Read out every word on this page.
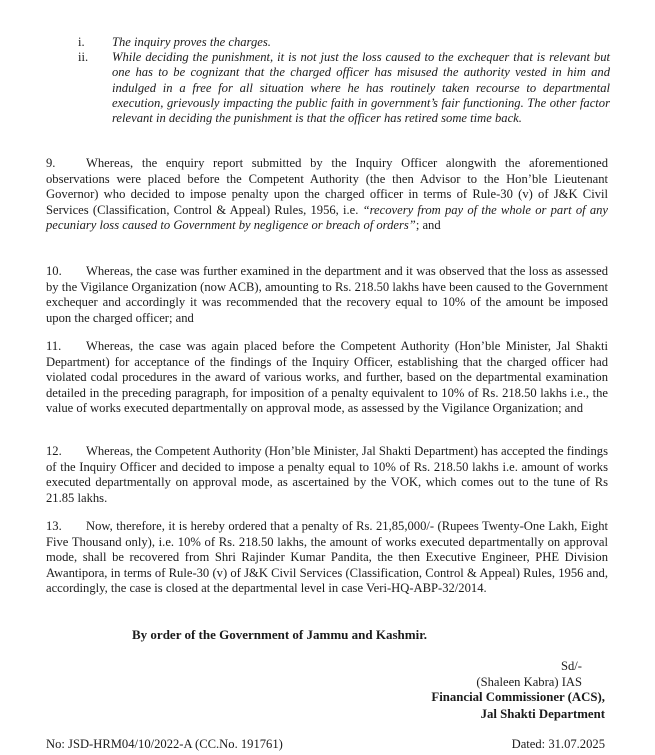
i.	The inquiry proves the charges.
ii.	While deciding the punishment, it is not just the loss caused to the exchequer that is relevant but one has to be cognizant that the charged officer has misused the authority vested in him and indulged in a free for all situation where he has routinely taken recourse to departmental execution, grievously impacting the public faith in government’s fair functioning. The other factor relevant in deciding the punishment is that the officer has retired some time back.
9. Whereas, the enquiry report submitted by the Inquiry Officer alongwith the aforementioned observations were placed before the Competent Authority (the then Advisor to the Hon’ble Lieutenant Governor) who decided to impose penalty upon the charged officer in terms of Rule-30 (v) of J&K Civil Services (Classification, Control & Appeal) Rules, 1956, i.e. “recovery from pay of the whole or part of any pecuniary loss caused to Government by negligence or breach of orders”; and
10. Whereas, the case was further examined in the department and it was observed that the loss as assessed by the Vigilance Organization (now ACB), amounting to Rs. 218.50 lakhs have been caused to the Government exchequer and accordingly it was recommended that the recovery equal to 10% of the amount be imposed upon the charged officer; and
11. Whereas, the case was again placed before the Competent Authority (Hon’ble Minister, Jal Shakti Department) for acceptance of the findings of the Inquiry Officer, establishing that the charged officer had violated codal procedures in the award of various works, and further, based on the departmental examination detailed in the preceding paragraph, for imposition of a penalty equivalent to 10% of Rs. 218.50 lakhs i.e., the value of works executed departmentally on approval mode, as assessed by the Vigilance Organization; and
12. Whereas, the Competent Authority (Hon’ble Minister, Jal Shakti Department) has accepted the findings of the Inquiry Officer and decided to impose a penalty equal to 10% of Rs. 218.50 lakhs i.e. amount of works executed departmentally on approval mode, as ascertained by the VOK, which comes out to the tune of Rs 21.85 lakhs.
13. Now, therefore, it is hereby ordered that a penalty of Rs. 21,85,000/- (Rupees Twenty-One Lakh, Eight Five Thousand only), i.e. 10% of Rs. 218.50 lakhs, the amount of works executed departmentally on approval mode, shall be recovered from Shri Rajinder Kumar Pandita, the then Executive Engineer, PHE Division Awantipora, in terms of Rule-30 (v) of J&K Civil Services (Classification, Control & Appeal) Rules, 1956 and, accordingly, the case is closed at the departmental level in case Veri-HQ-ABP-32/2014.
By order of the Government of Jammu and Kashmir.
Sd/-
(Shaleen Kabra) IAS
Financial Commissioner (ACS),
Jal Shakti Department
No: JSD-HRM04/10/2022-A (CC.No. 191761)	Dated: 31.07.2025
